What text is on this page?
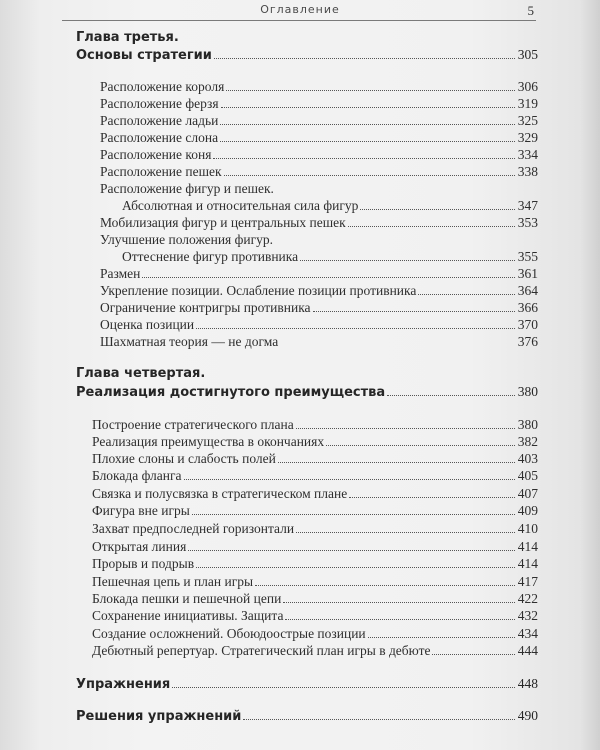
Оглавление	5
Глава третья.
Основы стратегии	305
Расположение короля	306
Расположение ферзя	319
Расположение ладьи	325
Расположение слона	329
Расположение коня	334
Расположение пешек	338
Расположение фигур и пешек.
Абсолютная и относительная сила фигур	347
Мобилизация фигур и центральных пешек	353
Улучшение положения фигур.
Оттеснение фигур противника	355
Размен	361
Укрепление позиции. Ослабление позиции противника	364
Ограничение контригры противника	366
Оценка позиции	370
Шахматная теория — не догма	376
Глава четвертая.
Реализация достигнутого преимущества	380
Построение стратегического плана	380
Реализация преимущества в окончаниях	382
Плохие слоны и слабость полей	403
Блокада фланга	405
Связка и полусвязка в стратегическом плане	407
Фигура вне игры	409
Захват предпоследней горизонтали	410
Открытая линия	414
Прорыв и подрыв	414
Пешечная цепь и план игры	417
Блокада пешки и пешечной цепи	422
Сохранение инициативы. Защита	432
Создание осложнений. Обоюдоострые позиции	434
Дебютный репертуар. Стратегический план игры в дебюте	444
Упражнения	448
Решения упражнений	490
